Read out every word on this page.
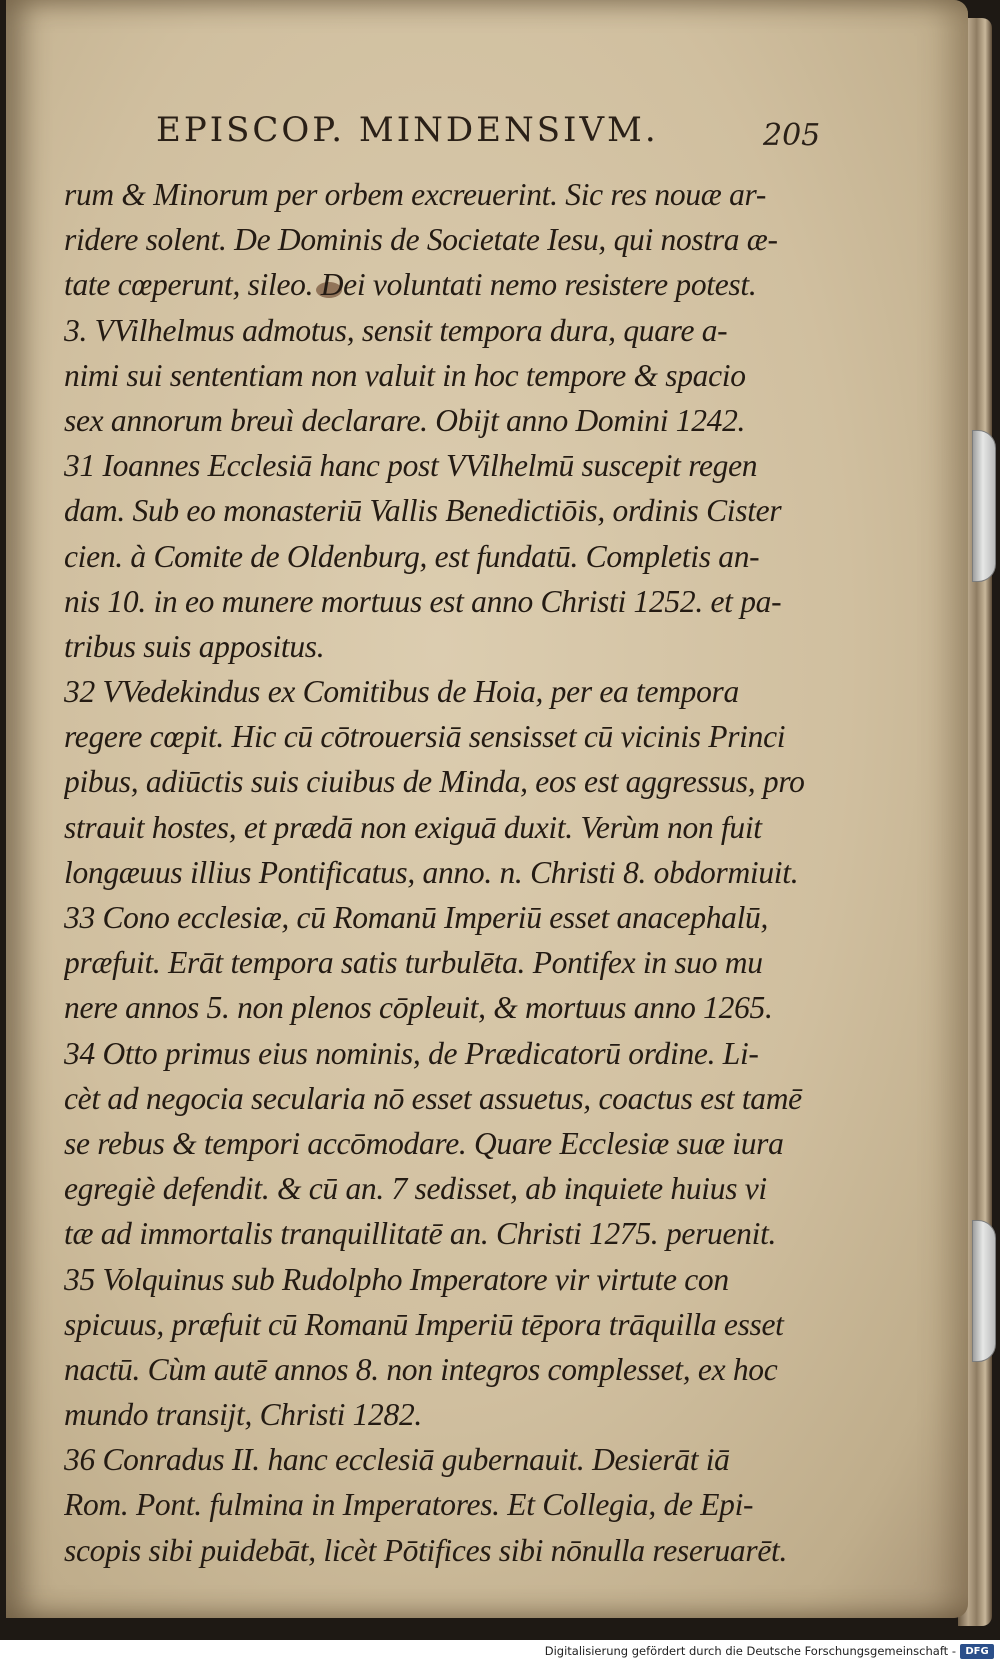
EPISCOP. MINDENSIVM.	205
rum & Minorum per orbem excreuerint. Sic res nouæ ar-
ridere solent. De Dominis de Societate Iesu, qui nostra æ-
tate cœperunt, sileo. Dei voluntati nemo resistere potest.
3. VVilhelmus admotus, sensit tempora dura, quare a-
nimi sui sententiam non valuit in hoc tempore & spacio
sex annorum breuì declarare. Obijt anno Domini 1242.
31 Ioannes Ecclesiā hanc post VVilhelmū suscepit regen
dam. Sub eo monasteriū Vallis Benedictiōis, ordinis Cister
cien. à Comite de Oldenburg, est fundatū. Completis an-
nis 10. in eo munere mortuus est anno Christi 1252. et pa-
tribus suis appositus.
32 VVedekindus ex Comitibus de Hoia, per ea tempora
regere cœpit. Hic cū cōtrouersiā sensisset cū vicinis Princi
pibus, adiūctis suis ciuibus de Minda, eos est aggressus, pro
strauit hostes, et prædā non exiguā duxit. Verùm non fuit
longæuus illius Pontificatus, anno. n. Christi 8. obdormiuit.
33 Cono ecclesiæ, cū Romanū Imperiū esset anacephalū,
præfuit. Erāt tempora satis turbulēta. Pontifex in suo mu
nere annos 5. non plenos cōpleuit, & mortuus anno 1265.
34 Otto primus eius nominis, de Prædicatorū ordine. Li-
cèt ad negocia secularia nō esset assuetus, coactus est tamē
se rebus & tempori accōmodare. Quare Ecclesiæ suæ iura
egregiè defendit. & cū an. 7 sedisset, ab inquiete huius vi
tæ ad immortalis tranquillitatē an. Christi 1275. peruenit.
35 Volquinus sub Rudolpho Imperatore vir virtute con
spicuus, præfuit cū Romanū Imperiū tēpora trāquilla esset
nactū. Cùm autē annos 8. non integros complesset, ex hoc
mundo transijt, Christi 1282.
36 Conradus II. hanc ecclesiā gubernauit. Desierāt iā
Rom. Pont. fulmina in Imperatores. Et Collegia, de Epi-
scopis sibi puidebāt, licèt Pōtifices sibi nōnulla reseruarēt.
Digitalisierung gefördert durch die Deutsche Forschungsgemeinschaft - DFG
